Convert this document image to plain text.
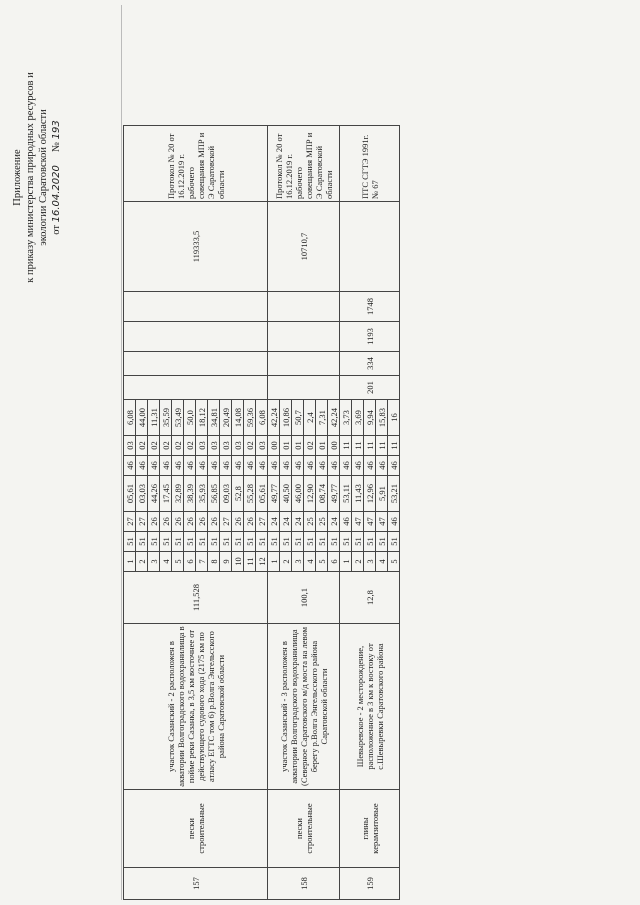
Приложение к приказу министерства природных ресурсов и экологии Саратовской области от 16.04.2020     № 193
157	пески строительные	участок Сазанский - 2 расположен в акватории Волгоградского водохранилища в пойме реки Сазанка, в 3,5 км восточнее от действующего судового хода (2175 км по атласу ЕГТС том 6) р.Волга Энгельсского района Саратовской области	111,528	1	51	27	05,61	46	03	6,08					119333,5	Протокол № 20 от 16.12.2019 г. рабочего совещания МПР и Э Саратовской области
				2	51	27	03,03	46	02	44,00						
				3	51	26	44,26	46	02	11,31						
				4	51	26	17,45	46	02	35,59						
				5	51	26	32,89	46	02	53,49						
				6	51	26	38,39	46	02	50,0						
				7	51	26	35,93	46	03	18,12						
				8	51	26	56,85	46	03	34,81						
				9	51	27	09,03	46	03	20,49						
				10	51	26	52,8	46	03	14,08						
				11	51	26	55,28	46	02	59,36						
				12	51	27	05,61	46	03	6,08						
158	пески строительные	участок Сазанский - 3 расположен в акватории Волгоградского водохранилища (Северное Саратовского м/д моста на левом берегу р.Волга Энгельсского района Саратовской области	100,1	1	51	24	49,77	46	00	42,24					10710,7	Протокол № 20 от 16.12.2019 г. рабочего совещания МПР и Э Саратовской области
				2	51	24	40,50	46	01	10,86						
				3	51	24	46,00	46	01	50,7						
				4	51	25	12,90	46	02	2,4						
				5	51	25	08,74	46	01	7,31						
				6	51	24	49,77	46	00	42,24						
159	глины керамзитовые	Шевыревское - 2 месторождение, расположенное в 3 км к востоку от с.Шевыревки Саратовского района	12,8	1	51	46	53,11	46	11	3,73	201	334	1193	1748		ПТС СГТЭ 1991г. № 67
				2	51	47	11,43	46	11	3,69						
				3	51	47	12,96	46	11	9,94						
				4	51	47	5,91	46	11	15,83						
				5	51	46	53,21	46	11	16						
